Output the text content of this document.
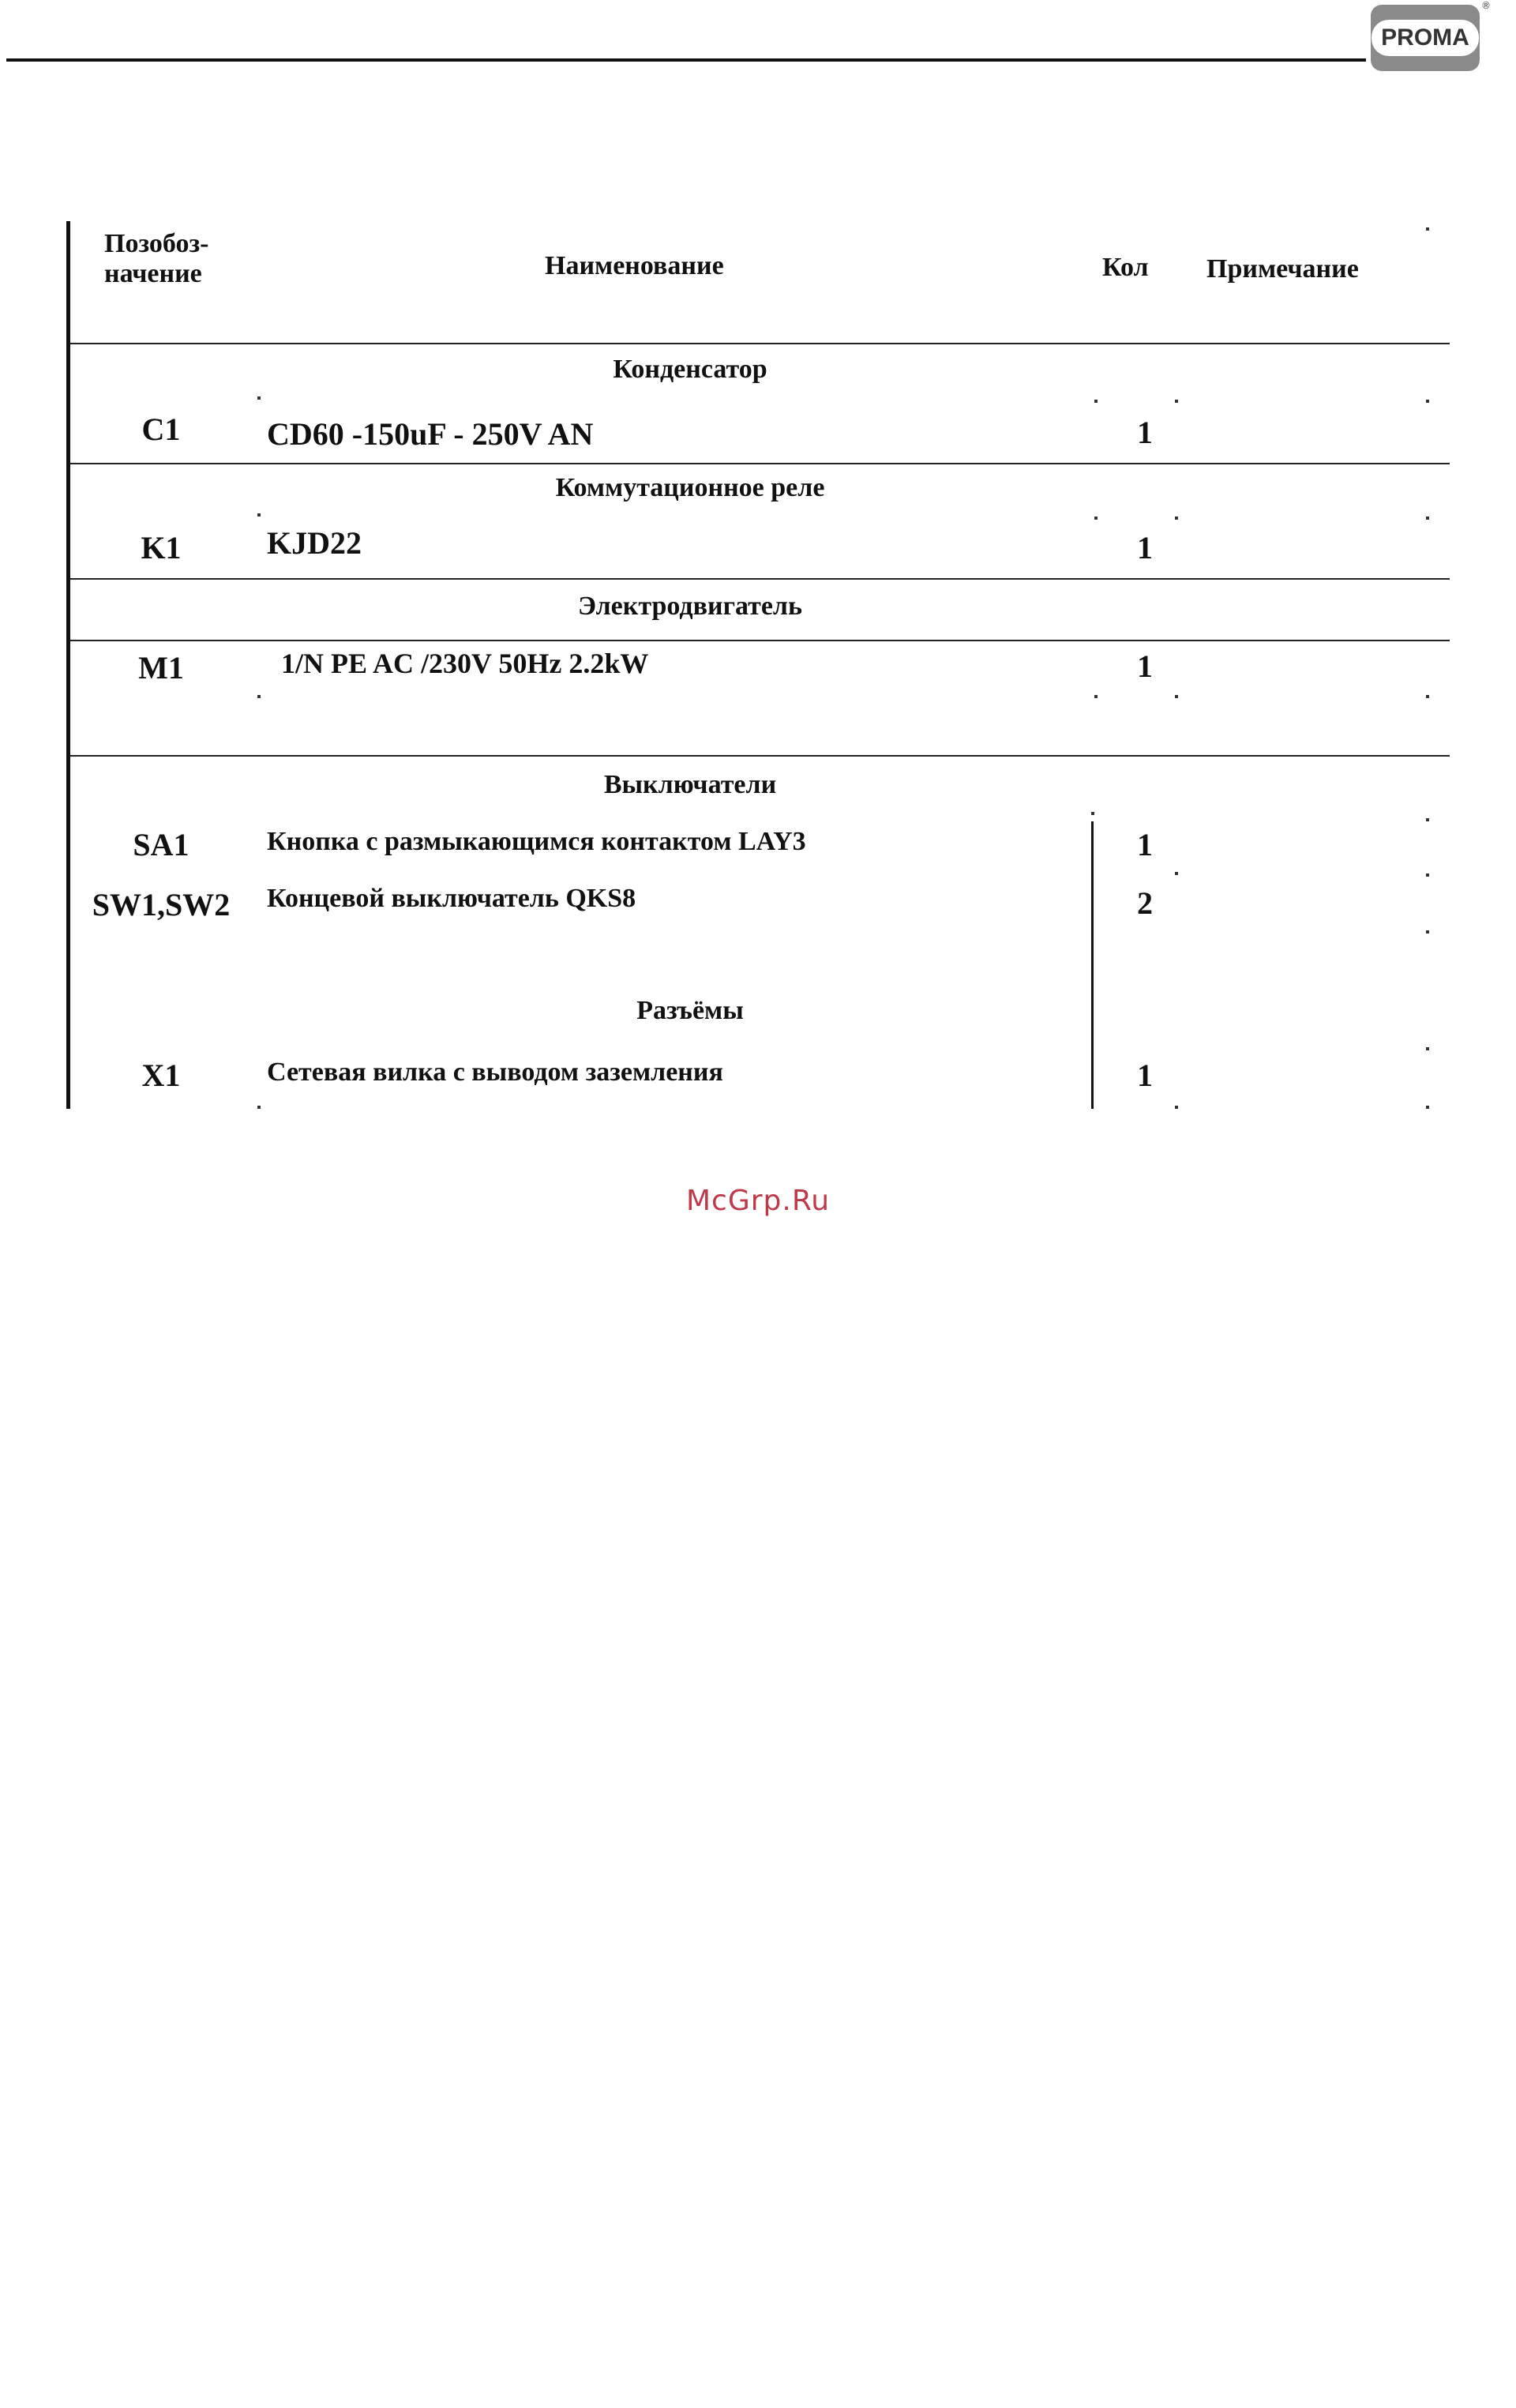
PROMA
®
Позобоз-
начение	Наименование	Кол Примечание
Конденсатор
C1	CD60 -150uF - 250V AN	1
Коммутационное реле
K1	KJD22	1
Электродвигатель
M1	1/N PE AC /230V 50Hz 2.2kW	1
Выключатели
SA1	Кнопка с размыкающимся контактом LAY3	1
SW1,SW2	Концевой выключатель QKS8	2
Разъёмы
X1	Сетевая вилка с выводом заземления	1
McGrp.Ru
